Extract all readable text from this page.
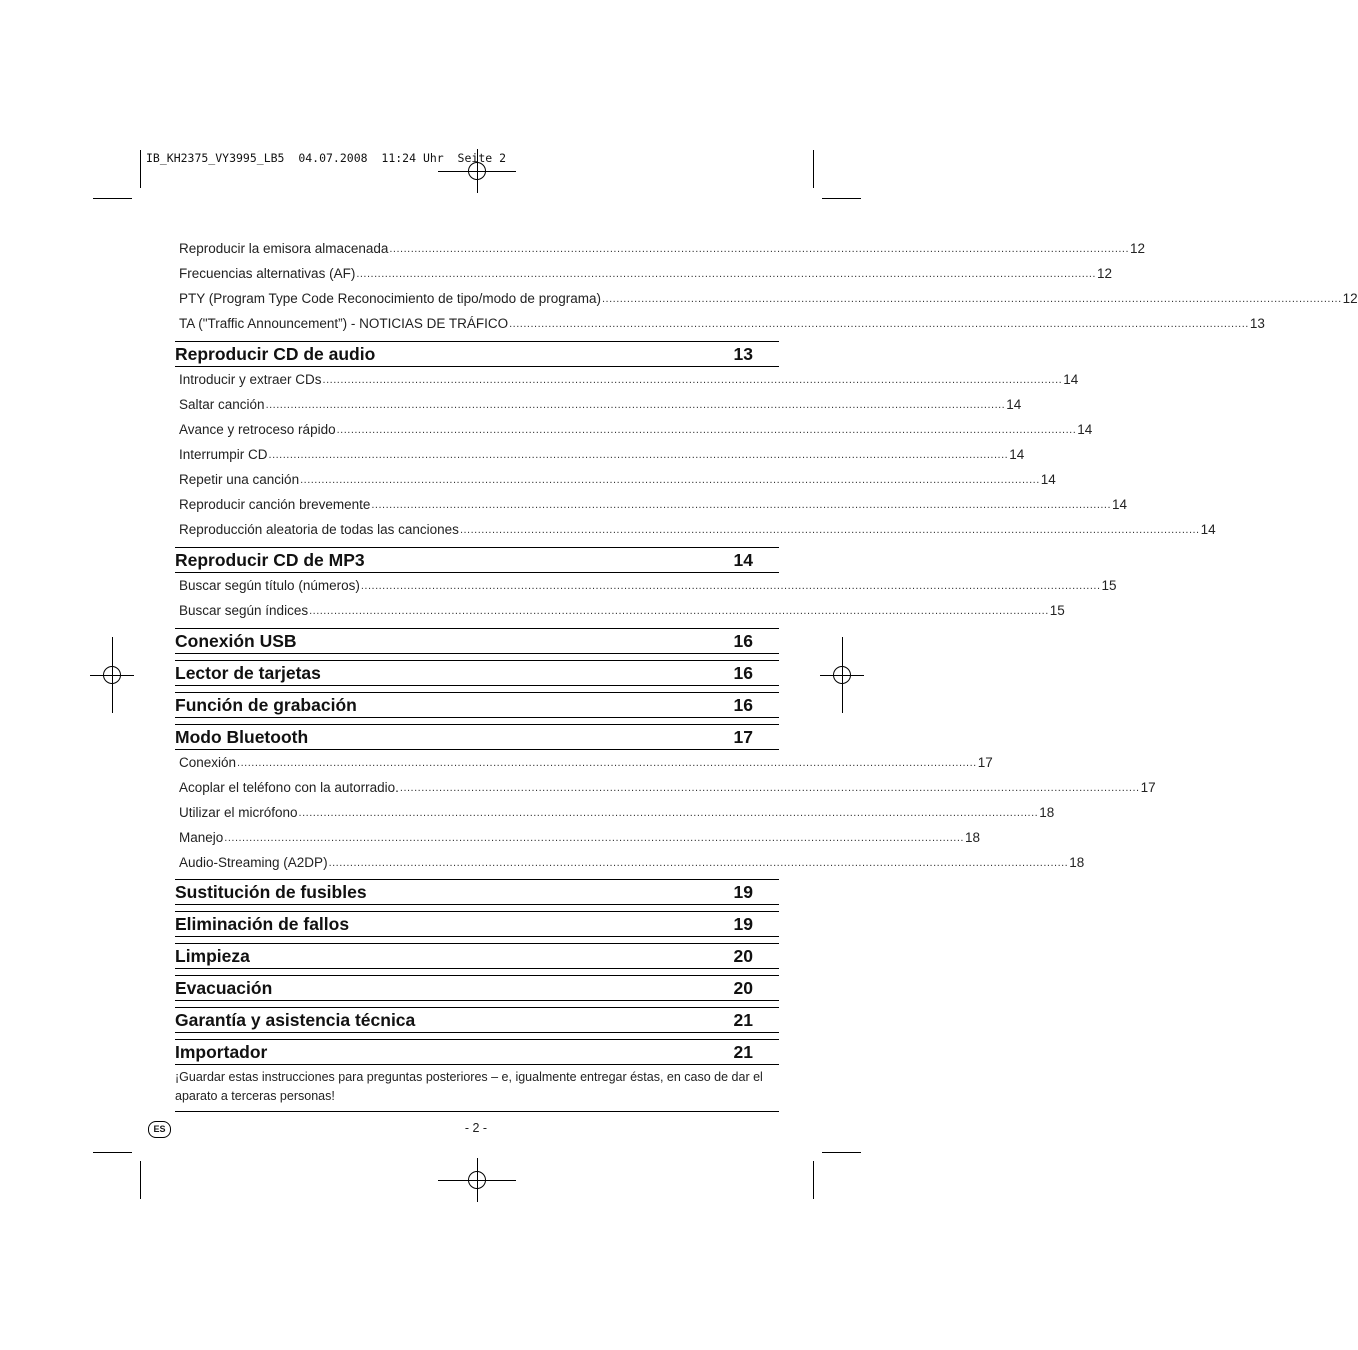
IB_KH2375_VY3995_LB5  04.07.2008  11:24 Uhr  Seite 2
Reproducir la emisora almacenada ................................................................................................................................................................................................................ 12
Frecuencias alternativas (AF) ................................................................................................................................................................................................................ 12
PTY (Program Type Code Reconocimiento de tipo/modo de programa) ................................................................................................................................................................................................................ 12
TA ("Traffic Announcement”) - NOTICIAS DE TRÁFICO ................................................................................................................................................................................................................ 13
Reproducir CD de audio	13
Introducir y extraer CDs ................................................................................................................................................................................................................ 14
Saltar canción ................................................................................................................................................................................................................ 14
Avance y retroceso rápido ................................................................................................................................................................................................................ 14
Interrumpir CD ................................................................................................................................................................................................................ 14
Repetir una canción ................................................................................................................................................................................................................ 14
Reproducir canción brevemente ................................................................................................................................................................................................................ 14
Reproducción aleatoria de todas las canciones ................................................................................................................................................................................................................ 14
Reproducir CD de MP3	14
Buscar según título (números) ................................................................................................................................................................................................................ 15
Buscar según índices ................................................................................................................................................................................................................ 15
Conexión USB	16
Lector de tarjetas	16
Función de grabación	16
Modo Bluetooth	17
Conexión ................................................................................................................................................................................................................ 17
Acoplar el teléfono con la autorradio. ................................................................................................................................................................................................................ 17
Utilizar el micrófono ................................................................................................................................................................................................................ 18
Manejo ................................................................................................................................................................................................................ 18
Audio-Streaming (A2DP) ................................................................................................................................................................................................................ 18
Sustitución de fusibles	19
Eliminación de fallos	19
Limpieza	20
Evacuación	20
Garantía y asistencia técnica	21
Importador	21
¡Guardar estas instrucciones para preguntas posteriores – e, igualmente entregar éstas, en caso de dar el aparato a terceras personas!
ES	- 2 -
